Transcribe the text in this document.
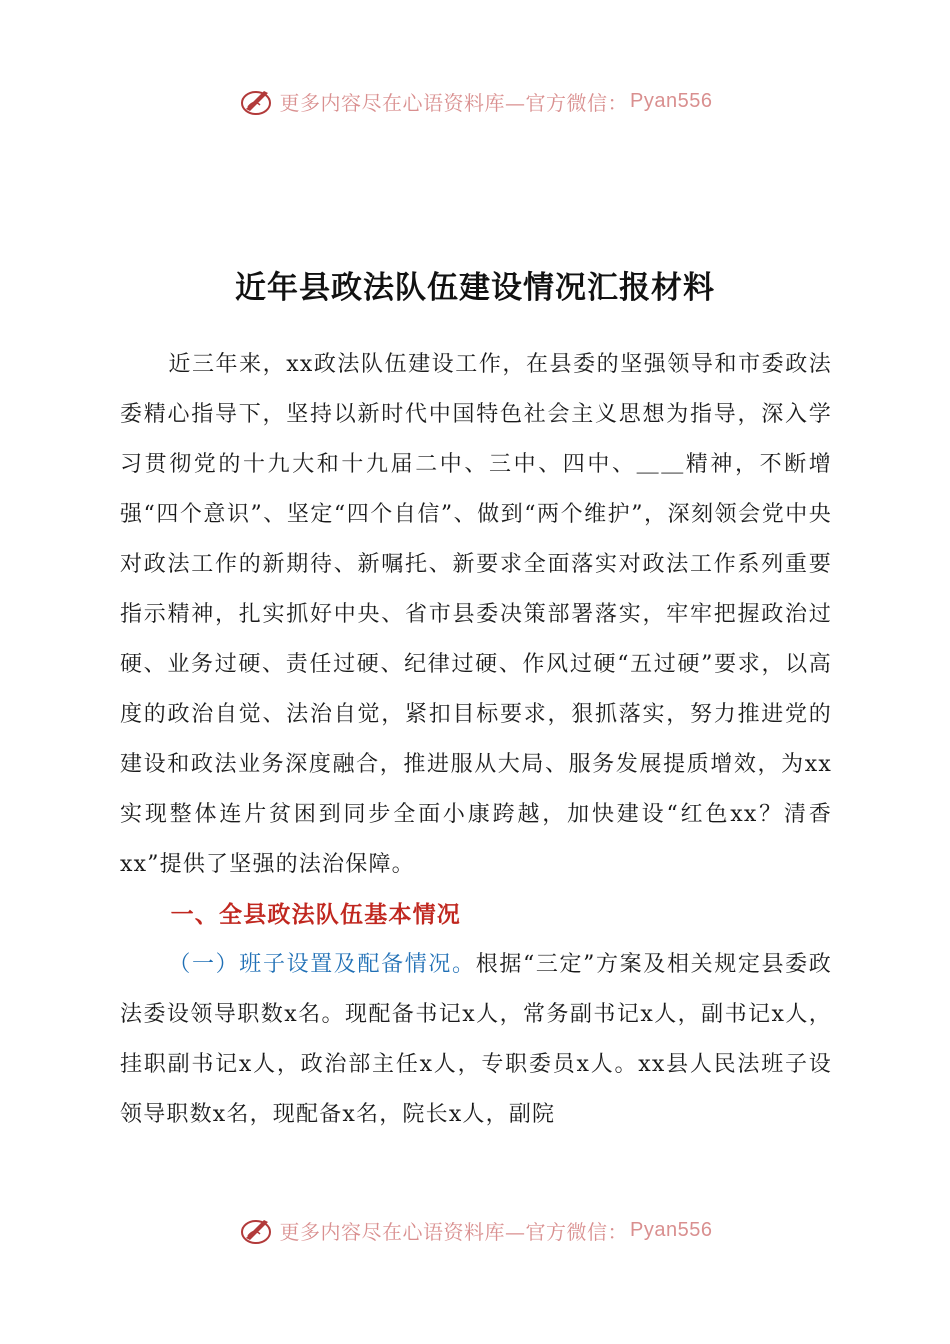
更多内容尽在心语资料库—官方微信： Pyan556
近年县政法队伍建设情况汇报材料

近三年来，xx政法队伍建设工作，在县委的坚强领导和市委政法委精心指导下，坚持以新时代中国特色社会主义思想为指导，深入学习贯彻党的十九大和十九届二中、三中、四中、＿＿精神，不断增强“四个意识”、坚定“四个自信”、做到“两个维护”，深刻领会党中央对政法工作的新期待、新嘱托、新要求全面落实对政法工作系列重要指示精神，扎实抓好中央、省市县委决策部署落实，牢牢把握政治过硬、业务过硬、责任过硬、纪律过硬、作风过硬“五过硬”要求，以高度的政治自觉、法治自觉，紧扣目标要求，狠抓落实，努力推进党的建设和政法业务深度融合，推进服从大局、服务发展提质增效，为xx实现整体连片贫困到同步全面小康跨越，加快建设“红色xx？清香xx”提供了坚强的法治保障。

一、全县政法队伍基本情况

（一）班子设置及配备情况。根据“三定”方案及相关规定县委政法委设领导职数x名。现配备书记x人，常务副书记x人，副书记x人，挂职副书记x人，政治部主任x人，专职委员x人。xx县人民法班子设领导职数x名，现配备x名，院长x人，副院

更多内容尽在心语资料库—官方微信： Pyan556
